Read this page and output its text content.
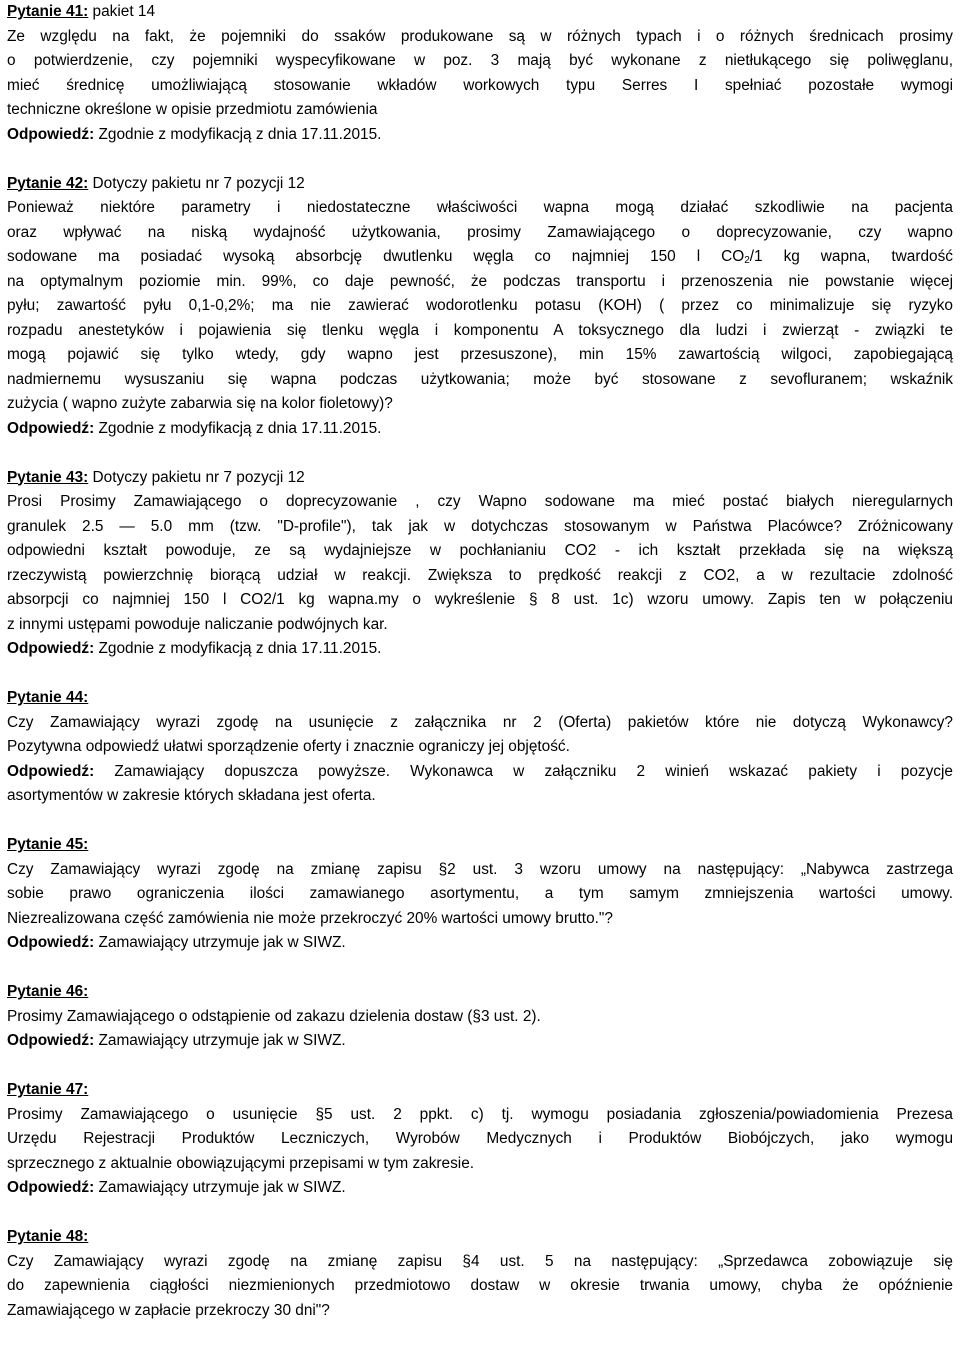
Pytanie 41: pakiet 14
Ze względu na fakt, że pojemniki do ssaków produkowane są w różnych typach i o różnych średnicach prosimy
o potwierdzenie, czy pojemniki wyspecyfikowane w poz. 3 mają być wykonane z nietłukącego się poliwęglanu,
mieć średnicę umożliwiającą stosowanie wkładów workowych typu Serres I spełniać pozostałe wymogi
techniczne określone w opisie przedmiotu zamówienia
Odpowiedź: Zgodnie z modyfikacją z dnia 17.11.2015.
Pytanie 42: Dotyczy pakietu nr 7 pozycji 12
Ponieważ niektóre parametry i niedostateczne właściwości wapna mogą działać szkodliwie na pacjenta
oraz wpływać na niską wydajność użytkowania, prosimy Zamawiającego o doprecyzowanie, czy wapno
sodowane ma posiadać wysoką absorbcję dwutlenku węgla co najmniej 150 l $CO_2/1$ kg wapna, twardość
na optymalnym poziomie min. 99%, co daje pewność, że podczas transportu i przenoszenia nie powstanie więcej
pyłu; zawartość pyłu 0,1-0,2%; ma nie zawierać wodorotlenku potasu (KOH) ( przez co minimalizuje się ryzyko
rozpadu anestetyków i pojawienia się tlenku węgla i komponentu A toksycznego dla ludzi i zwierząt - związki te
mogą pojawić się tylko wtedy, gdy wapno jest przesuszone), min 15% zawartością wilgoci, zapobiegającą
nadmiernemu wysuszaniu się wapna podczas użytkowania; może być stosowane z sevofluranem; wskaźnik
zużycia ( wapno zużyte zabarwia się na kolor fioletowy)?
Odpowiedź: Zgodnie z modyfikacją z dnia 17.11.2015.
Pytanie 43: Dotyczy pakietu nr 7 pozycji 12
Prosi Prosimy Zamawiającego o doprecyzowanie , czy Wapno sodowane ma mieć postać białych nieregularnych
granulek 2.5 — 5.0 mm (tzw. "D-profile"), tak jak w dotychczas stosowanym w Państwa Placówce? Zróżnicowany
odpowiedni kształt powoduje, ze są wydajniejsze w pochłanianiu CO2 - ich kształt przekłada się na większą
rzeczywistą powierzchnię biorącą udział w reakcji. Zwiększa to prędkość reakcji z CO2, a w rezultacie zdolność
absorpcji co najmniej 150 l CO2/1 kg wapna.my o wykreślenie § 8 ust. 1c) wzoru umowy. Zapis ten w połączeniu
z innymi ustępami powoduje naliczanie podwójnych kar.
Odpowiedź: Zgodnie z modyfikacją z dnia 17.11.2015.
Pytanie 44:
Czy Zamawiający wyrazi zgodę na usunięcie z załącznika nr 2 (Oferta) pakietów które nie dotyczą Wykonawcy?
Pozytywna odpowiedź ułatwi sporządzenie oferty i znacznie ograniczy jej objętość.
Odpowiedź: Zamawiający dopuszcza powyższe. Wykonawca w załączniku 2 winień wskazać pakiety i pozycje
asortymentów w zakresie których składana jest oferta.
Pytanie 45:
Czy Zamawiający wyrazi zgodę na zmianę zapisu §2 ust. 3 wzoru umowy na następujący: „Nabywca zastrzega
sobie prawo ograniczenia ilości zamawianego asortymentu, a tym samym zmniejszenia wartości umowy.
Niezrealizowana część zamówienia nie może przekroczyć 20% wartości umowy brutto."?
Odpowiedź: Zamawiający utrzymuje jak w SIWZ.
Pytanie 46:
Prosimy Zamawiającego o odstąpienie od zakazu dzielenia dostaw (§3 ust. 2).
Odpowiedź: Zamawiający utrzymuje jak w SIWZ.
Pytanie 47:
Prosimy Zamawiającego o usunięcie §5 ust. 2 ppkt. c) tj. wymogu posiadania zgłoszenia/powiadomienia Prezesa
Urzędu Rejestracji Produktów Leczniczych, Wyrobów Medycznych i Produktów Biobójczych, jako wymogu
sprzecznego z aktualnie obowiązującymi przepisami w tym zakresie.
Odpowiedź: Zamawiający utrzymuje jak w SIWZ.
Pytanie 48:
Czy Zamawiający wyrazi zgodę na zmianę zapisu §4 ust. 5 na następujący: „Sprzedawca zobowiązuje się
do zapewnienia ciągłości niezmienionych przedmiotowo dostaw w okresie trwania umowy, chyba że opóźnienie
Zamawiającego w zapłacie przekroczy 30 dni"?
